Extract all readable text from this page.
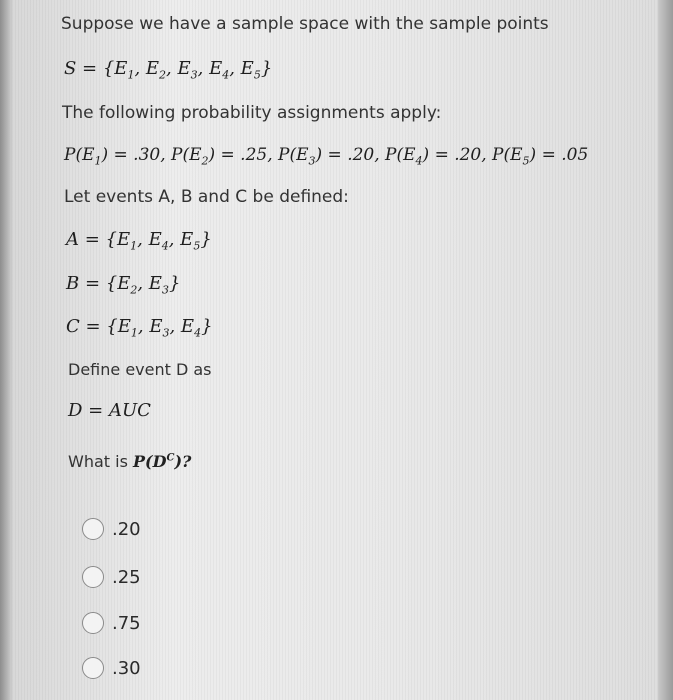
Suppose we have a sample space with the sample points
$S = \{E_1$, $E_2$, $E_3$, $E_4$, $E_5$}
The following probability assignments apply:
$P(E_1) = .30$, $P(E_2) = .25$, $P(E_3) = .20$, $P(E_4) = .20$, $P(E_5) = .05$
Let events A, B and C be defined:
$A = \{E_1$, $E_4$, $E_5$}
$B = \{E_2$, $E_3$}
$C = \{E_1$, $E_3$, $E_4$}
Define event D as
D = AUC
What is $P(D^C)$?
.20
.25
.75
.30
